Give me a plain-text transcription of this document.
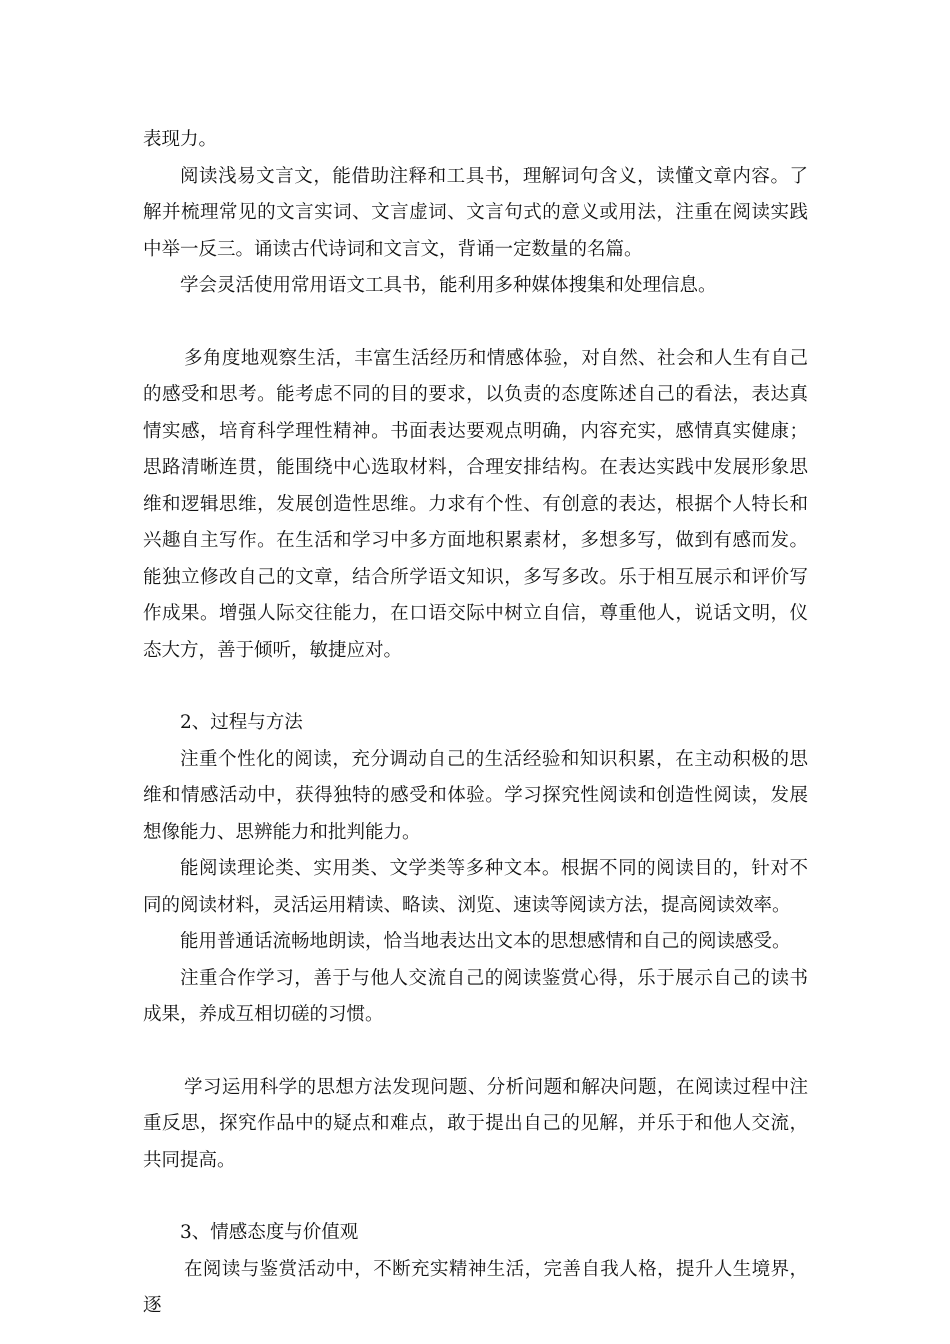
表现力。

阅读浅易文言文，能借助注释和工具书，理解词句含义，读懂文章内容。了解并梳理常见的文言实词、文言虚词、文言句式的意义或用法，注重在阅读实践中举一反三。诵读古代诗词和文言文，背诵一定数量的名篇。

学会灵活使用常用语文工具书，能利用多种媒体搜集和处理信息。

多角度地观察生活，丰富生活经历和情感体验，对自然、社会和人生有自己的感受和思考。能考虑不同的目的要求，以负责的态度陈述自己的看法，表达真情实感，培育科学理性精神。书面表达要观点明确，内容充实，感情真实健康；思路清晰连贯，能围绕中心选取材料，合理安排结构。在表达实践中发展形象思维和逻辑思维，发展创造性思维。力求有个性、有创意的表达，根据个人特长和兴趣自主写作。在生活和学习中多方面地积累素材，多想多写，做到有感而发。能独立修改自己的文章，结合所学语文知识，多写多改。乐于相互展示和评价写作成果。增强人际交往能力，在口语交际中树立自信，尊重他人，说话文明，仪态大方，善于倾听，敏捷应对。

2、过程与方法

注重个性化的阅读，充分调动自己的生活经验和知识积累，在主动积极的思维和情感活动中，获得独特的感受和体验。学习探究性阅读和创造性阅读，发展想像能力、思辨能力和批判能力。

能阅读理论类、实用类、文学类等多种文本。根据不同的阅读目的，针对不同的阅读材料，灵活运用精读、略读、浏览、速读等阅读方法，提高阅读效率。

能用普通话流畅地朗读，恰当地表达出文本的思想感情和自己的阅读感受。

注重合作学习，善于与他人交流自己的阅读鉴赏心得，乐于展示自己的读书成果，养成互相切磋的习惯。

学习运用科学的思想方法发现问题、分析问题和解决问题，在阅读过程中注重反思，探究作品中的疑点和难点，敢于提出自己的见解，并乐于和他人交流，共同提高。

3、情感态度与价值观

在阅读与鉴赏活动中，不断充实精神生活，完善自我人格，提升人生境界，逐
